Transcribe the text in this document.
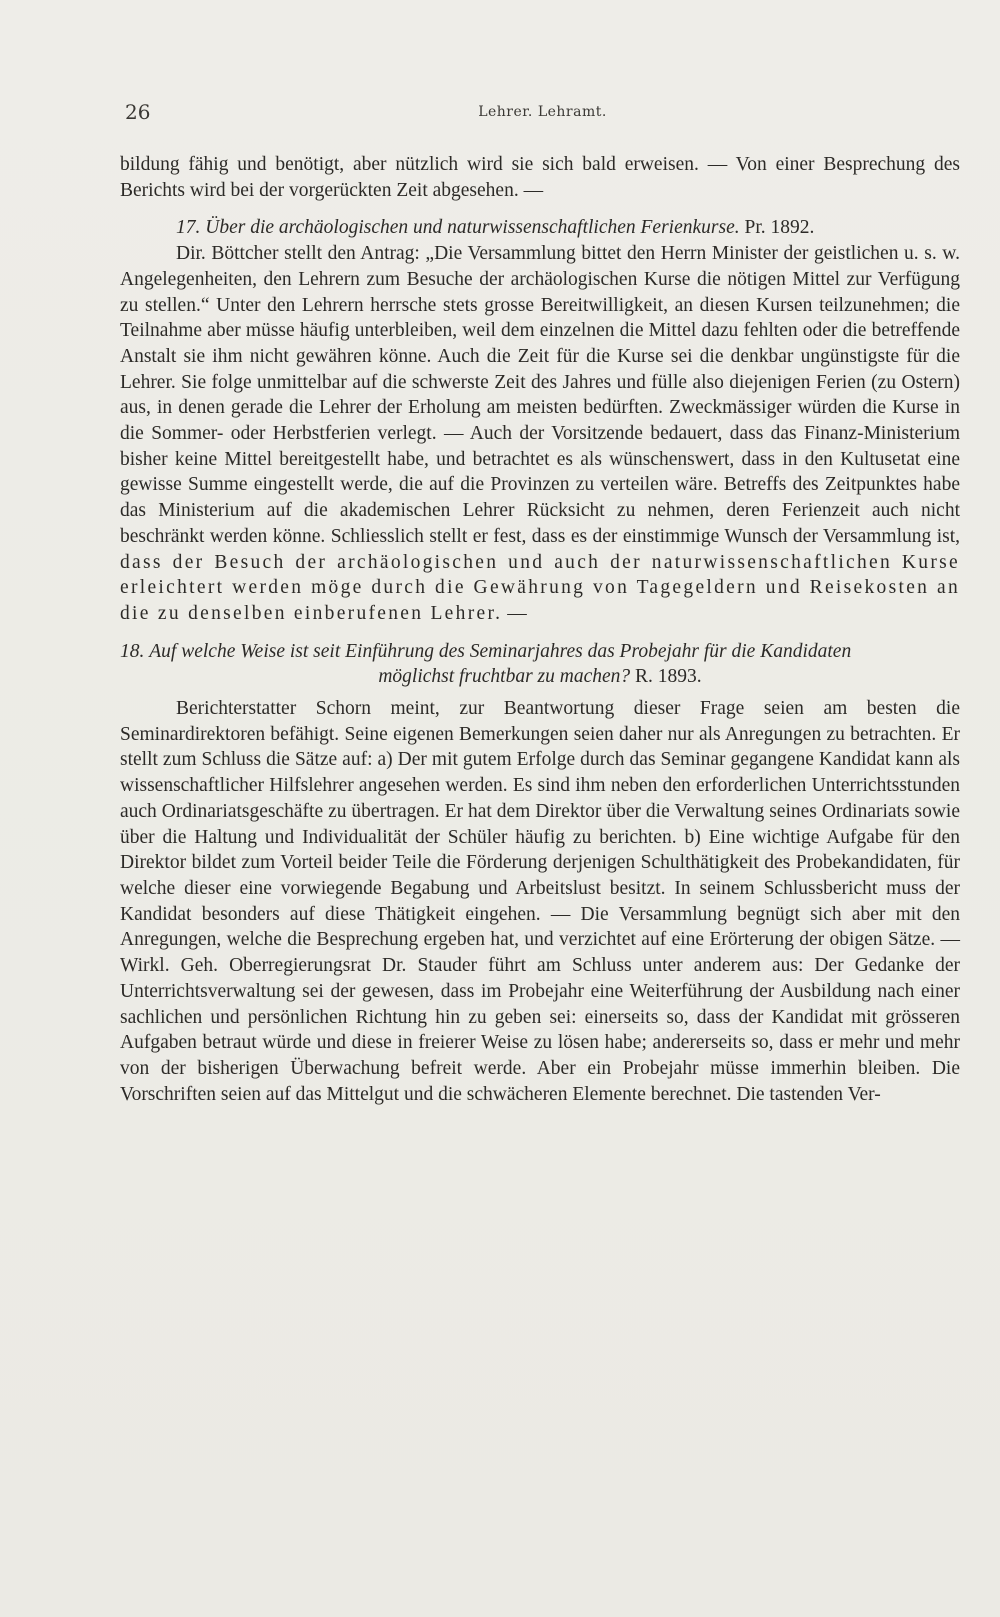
26	Lehrer. Lehramt.

bildung fähig und benötigt, aber nützlich wird sie sich bald erweisen. — Von einer Besprechung des Berichts wird bei der vorgerückten Zeit abgesehen. —

17. Über die archäologischen und naturwissenschaftlichen Ferienkurse. Pr. 1892.

Dir. Böttcher stellt den Antrag: „Die Versammlung bittet den Herrn Minister der geistlichen u. s. w. Angelegenheiten, den Lehrern zum Besuche der archäologischen Kurse die nötigen Mittel zur Verfügung zu stellen.“ Unter den Lehrern herrsche stets grosse Bereitwilligkeit, an diesen Kursen teilzunehmen; die Teilnahme aber müsse häufig unterbleiben, weil dem einzelnen die Mittel dazu fehlten oder die betreffende Anstalt sie ihm nicht gewähren könne. Auch die Zeit für die Kurse sei die denkbar ungünstigste für die Lehrer. Sie folge unmittelbar auf die schwerste Zeit des Jahres und fülle also diejenigen Ferien (zu Ostern) aus, in denen gerade die Lehrer der Erholung am meisten bedürften. Zweckmässiger würden die Kurse in die Sommer- oder Herbstferien verlegt. — Auch der Vorsitzende bedauert, dass das Finanz-Ministerium bisher keine Mittel bereitgestellt habe, und betrachtet es als wünschenswert, dass in den Kultusetat eine gewisse Summe eingestellt werde, die auf die Provinzen zu verteilen wäre. Betreffs des Zeitpunktes habe das Ministerium auf die akademischen Lehrer Rücksicht zu nehmen, deren Ferienzeit auch nicht beschränkt werden könne. Schliesslich stellt er fest, dass es der einstimmige Wunsch der Versammlung ist, dass der Besuch der archäologischen und auch der naturwissenschaftlichen Kurse erleichtert werden möge durch die Gewährung von Tagegeldern und Reisekosten an die zu denselben einberufenen Lehrer. —

18. Auf welche Weise ist seit Einführung des Seminarjahres das Probejahr für die Kandidaten

möglichst fruchtbar zu machen? R. 1893.

Berichterstatter Schorn meint, zur Beantwortung dieser Frage seien am besten die Seminardirektoren befähigt. Seine eigenen Bemerkungen seien daher nur als Anregungen zu betrachten. Er stellt zum Schluss die Sätze auf: a) Der mit gutem Erfolge durch das Seminar gegangene Kandidat kann als wissenschaftlicher Hilfslehrer angesehen werden. Es sind ihm neben den erforderlichen Unterrichtsstunden auch Ordinariatsgeschäfte zu übertragen. Er hat dem Direktor über die Verwaltung seines Ordinariats sowie über die Haltung und Individualität der Schüler häufig zu berichten. b) Eine wichtige Aufgabe für den Direktor bildet zum Vorteil beider Teile die Förderung derjenigen Schulthätigkeit des Probekandidaten, für welche dieser eine vorwiegende Begabung und Arbeitslust besitzt. In seinem Schlussbericht muss der Kandidat besonders auf diese Thätigkeit eingehen. — Die Versammlung begnügt sich aber mit den Anregungen, welche die Besprechung ergeben hat, und verzichtet auf eine Erörterung der obigen Sätze. — Wirkl. Geh. Oberregierungsrat Dr. Stauder führt am Schluss unter anderem aus: Der Gedanke der Unterrichtsverwaltung sei der gewesen, dass im Probejahr eine Weiterführung der Ausbildung nach einer sachlichen und persönlichen Richtung hin zu geben sei: einerseits so, dass der Kandidat mit grösseren Aufgaben betraut würde und diese in freierer Weise zu lösen habe; andererseits so, dass er mehr und mehr von der bisherigen Überwachung befreit werde. Aber ein Probejahr müsse immerhin bleiben. Die Vorschriften seien auf das Mittelgut und die schwächeren Elemente berechnet. Die tastenden Ver-
